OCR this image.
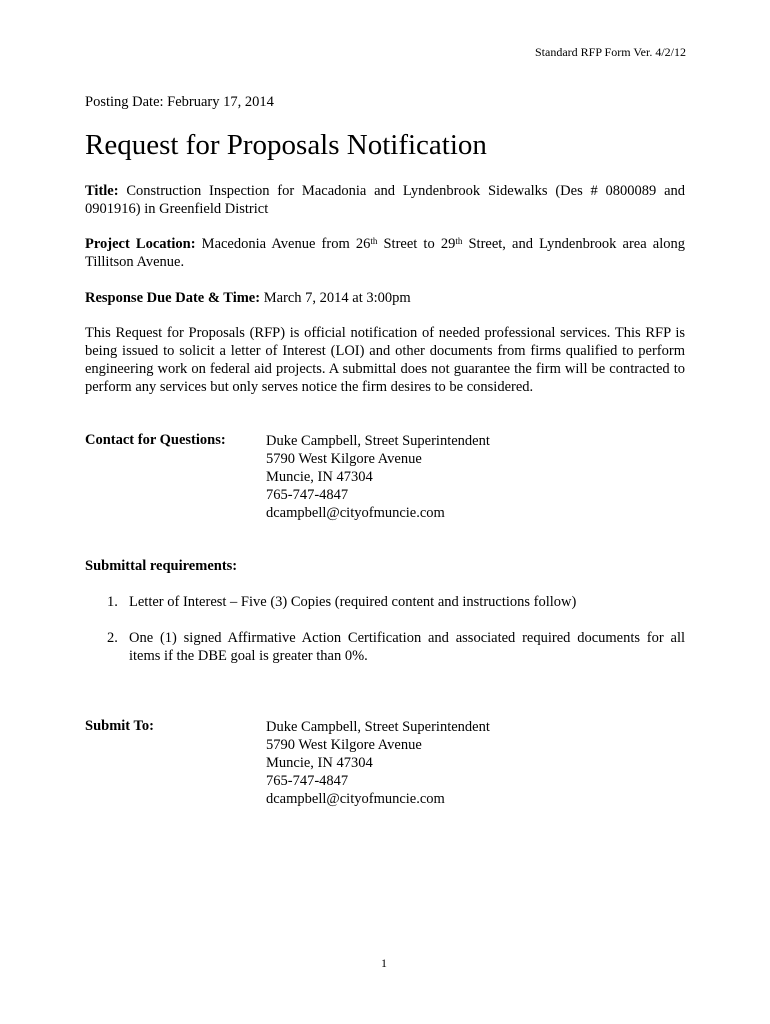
Standard RFP Form Ver. 4/2/12
Posting Date: February 17, 2014
Request for Proposals Notification
Title: Construction Inspection for Macadonia and Lyndenbrook Sidewalks (Des # 0800089 and 0901916) in Greenfield District
Project Location: Macedonia Avenue from 26th Street to 29th Street, and Lyndenbrook area along Tillitson Avenue.
Response Due Date & Time: March 7, 2014 at 3:00pm
This Request for Proposals (RFP) is official notification of needed professional services. This RFP is being issued to solicit a letter of Interest (LOI) and other documents from firms qualified to perform engineering work on federal aid projects. A submittal does not guarantee the firm will be contracted to perform any services but only serves notice the firm desires to be considered.
Contact for Questions:	Duke Campbell, Street Superintendent
5790 West Kilgore Avenue
Muncie, IN 47304
765-747-4847
dcampbell@cityofmuncie.com
Submittal requirements:
1. Letter of Interest – Five (3) Copies (required content and instructions follow)
2. One (1) signed Affirmative Action Certification and associated required documents for all items if the DBE goal is greater than 0%.
Submit To:	Duke Campbell, Street Superintendent
5790 West Kilgore Avenue
Muncie, IN 47304
765-747-4847
dcampbell@cityofmuncie.com
1
